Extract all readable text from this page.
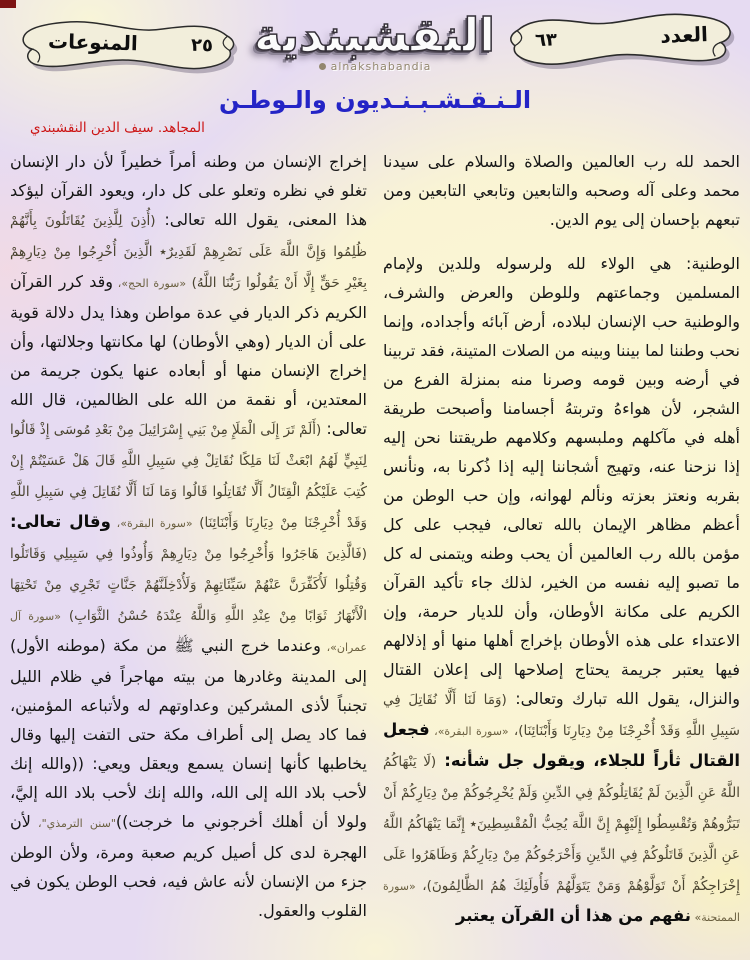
العدد
٦٣
٢٥
المنوعات	النقشبندية
alnakshabandia
الـنـقـشـبـنـديون والـوطـن
المجاهد. سيف الدين النقشبندي

الحمد لله رب العالمين والصلاة والسلام على سيدنا محمد وعلى آله وصحبه والتابعين وتابعي التابعين ومن تبعهم بإحسان إلى يوم الدين.

الوطنية: هي الولاء لله ولرسوله وللدين ولإمام المسلمين وجماعتهم وللوطن والعرض والشرف، والوطنية حب الإنسان لبلاده، أرض آبائه وأجداده، وإنما نحب وطننا لما بيننا وبينه من الصلات المتينة، فقد تربينا في أرضه وبين قومه وصرنا منه بمنزلة الفرع من الشجر، لأن هواءهُ وتربتهُ أجسامنا وأصبحت طريقة أهله في مآكلهم وملبسهم وكلامهم طريقتنا نحن إليه إذا نزحنا عنه، وتهيج أشجاننا إليه إذا ذُكرنا به، ونأنس بقربه ونعتز بعزته ونألم لهوانه، وإن حب الوطن من أعظم مظاهر الإيمان بالله تعالى، فيجب على كل مؤمن بالله رب العالمين أن يحب وطنه ويتمنى له كل ما تصبو إليه نفسه من الخير، لذلك جاء تأكيد القرآن الكريم على مكانة الأوطان، وأن للديار حرمة، وإن الاعتداء على هذه الأوطان بإخراج أهلها منها أو إذلالهم فيها يعتبر جريمة يحتاج إصلاحها إلى إعلان القتال والنزال، يقول الله تبارك وتعالى: (وَمَا لَنَا أَلَّا نُقَاتِلَ فِي سَبِيلِ اللَّهِ وَقَدْ أُخْرِجْنَا مِنْ دِيَارِنَا وَأَبْنَائِنَا)، «سورة البقرة»، فجعل القتال ثأراً للجلاء، ويقول جل شأنه: (لَا يَنْهَاكُمُ اللَّهُ عَنِ الَّذِينَ لَمْ يُقَاتِلُوكُمْ فِي الدِّينِ وَلَمْ يُخْرِجُوكُمْ مِنْ دِيَارِكُمْ أَنْ تَبَرُّوهُمْ وَتُقْسِطُوا إِلَيْهِمْ إِنَّ اللَّهَ يُحِبُّ الْمُقْسِطِينَ٭ إِنَّمَا يَنْهَاكُمُ اللَّهُ عَنِ الَّذِينَ قَاتَلُوكُمْ فِي الدِّينِ وَأَخْرَجُوكُمْ مِنْ دِيَارِكُمْ وَظَاهَرُوا عَلَى إِخْرَاجِكُمْ أَنْ تَوَلَّوْهُمْ وَمَنْ يَتَوَلَّهُمْ فَأُولَئِكَ هُمُ الظَّالِمُونَ)، «سورة الممتحنة» نفهم من هذا أن القرآن يعتبر

إخراج الإنسان من وطنه أمراً خطيراً لأن دار الإنسان تغلو في نظره وتعلو على كل دار، ويعود القرآن ليؤكد هذا المعنى، يقول الله تعالى: (أُذِنَ لِلَّذِينَ يُقَاتَلُونَ بِأَنَّهُمْ ظُلِمُوا وَإِنَّ اللَّهَ عَلَى نَصْرِهِمْ لَقَدِيرٌ٭ الَّذِينَ أُخْرِجُوا مِنْ دِيَارِهِمْ بِغَيْرِ حَقٍّ إِلَّا أَنْ يَقُولُوا رَبُّنَا اللَّهُ) «سورة الحج»، وقد كرر القرآن الكريم ذكر الديار في عدة مواطن وهذا يدل دلالة قوية على أن الديار (وهي الأوطان) لها مكانتها وجلالتها، وأن إخراج الإنسان منها أو أبعاده عنها يكون جريمة من المعتدين، أو نقمة من الله على الظالمين، قال الله تعالى: (أَلَمْ تَرَ إِلَى الْمَلَإِ مِنْ بَنِي إِسْرَائِيلَ مِنْ بَعْدِ مُوسَى إِذْ قَالُوا لِنَبِيٍّ لَهُمُ ابْعَثْ لَنَا مَلِكًا نُقَاتِلْ فِي سَبِيلِ اللَّهِ قَالَ هَلْ عَسَيْتُمْ إِنْ كُتِبَ عَلَيْكُمُ الْقِتَالُ أَلَّا تُقَاتِلُوا قَالُوا وَمَا لَنَا أَلَّا نُقَاتِلَ فِي سَبِيلِ اللَّهِ وَقَدْ أُخْرِجْنَا مِنْ دِيَارِنَا وَأَبْنَائِنَا) «سورة البقرة»، وقال تعالى: (فَالَّذِينَ هَاجَرُوا وَأُخْرِجُوا مِنْ دِيَارِهِمْ وَأُوذُوا فِي سَبِيلِي وَقَاتَلُوا وَقُتِلُوا لَأُكَفِّرَنَّ عَنْهُمْ سَيِّئَاتِهِمْ وَلَأُدْخِلَنَّهُمْ جَنَّاتٍ تَجْرِي مِنْ تَحْتِهَا الْأَنْهَارُ ثَوَابًا مِنْ عِنْدِ اللَّهِ وَاللَّهُ عِنْدَهُ حُسْنُ الثَّوَابِ) «سورة آل عمران»، وعندما خرج النبي ﷺ من مكة (موطنه الأول) إلى المدينة وغادرها من بيته مهاجراً في ظلام الليل تجنباً لأذى المشركين وعداوتهم له ولأتباعه المؤمنين، فما كاد يصل إلى أطراف مكة حتى التفت إليها وقال يخاطبها كأنها إنسان يسمع ويعقل ويعي: ((والله إنك لأحب بلاد الله إلى الله، والله إنك لأحب بلاد الله إليَّ، ولولا أن أهلك أخرجوني ما خرجت))"سنن الترمذي"، لأن الهجرة لدى كل أصيل كريم صعبة ومرة، ولأن الوطن جزء من الإنسان لأنه عاش فيه، فحب الوطن يكون في القلوب والعقول.
